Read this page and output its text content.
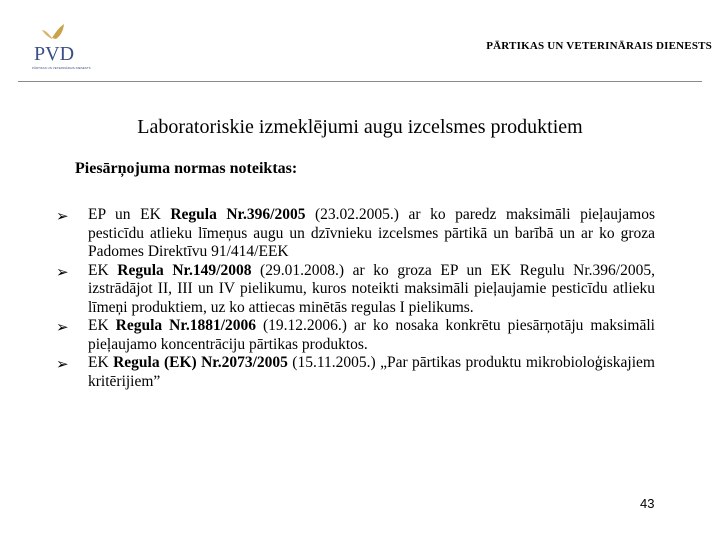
PVD
PĀRTIKAS UN VETERINĀRAIS DIENESTS
PĀRTIKAS UN VETERINĀRAIS DIENESTS
Laboratoriskie izmeklējumi augu izcelsmes produktiem
Piesārņojuma normas noteiktas:
➢ EP un EK Regula Nr.396/2005 (23.02.2005.) ar ko paredz maksimāli pieļaujamos pesticīdu atlieku līmeņus augu un dzīvnieku izcelsmes pārtikā un barībā un ar ko groza Padomes Direktīvu 91/414/EEK
➢ EK Regula Nr.149/2008 (29.01.2008.) ar ko groza EP un EK Regulu Nr.396/2005, izstrādājot II, III un IV pielikumu, kuros noteikti maksimāli pieļaujamie pesticīdu atlieku līmeņi produktiem, uz ko attiecas minētās regulas I pielikums.
➢ EK Regula Nr.1881/2006 (19.12.2006.) ar ko nosaka konkrētu piesārņotāju maksimāli pieļaujamo koncentrāciju pārtikas produktos.
➢ EK Regula (EK) Nr.2073/2005 (15.11.2005.) „Par pārtikas produktu mikrobioloģiskajiem kritērijiem”
43
